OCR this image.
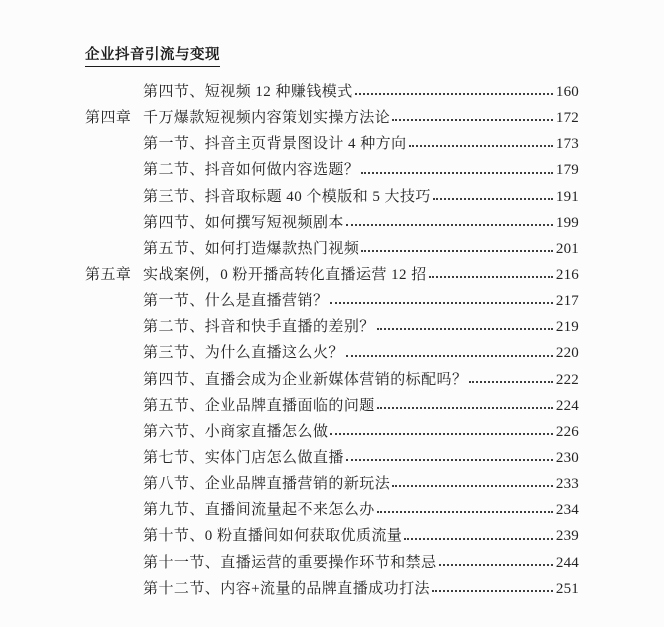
企业抖音引流与变现
第四节、短视频 12 种赚钱模式	160
第四章 千万爆款短视频内容策划实操方法论	172
第一节、抖音主页背景图设计 4 种方向	173
第二节、抖音如何做内容选题？	179
第三节、抖音取标题 40 个模版和 5 大技巧	191
第四节、如何撰写短视频剧本	199
第五节、如何打造爆款热门视频	201
第五章 实战案例，0 粉开播高转化直播运营 12 招	216
第一节、什么是直播营销？	217
第二节、抖音和快手直播的差别？	219
第三节、为什么直播这么火？	220
第四节、直播会成为企业新媒体营销的标配吗？	222
第五节、企业品牌直播面临的问题	224
第六节、小商家直播怎么做	226
第七节、实体门店怎么做直播	230
第八节、企业品牌直播营销的新玩法	233
第九节、直播间流量起不来怎么办	234
第十节、0 粉直播间如何获取优质流量	239
第十一节、直播运营的重要操作环节和禁忌	244
第十二节、内容+流量的品牌直播成功打法	251
